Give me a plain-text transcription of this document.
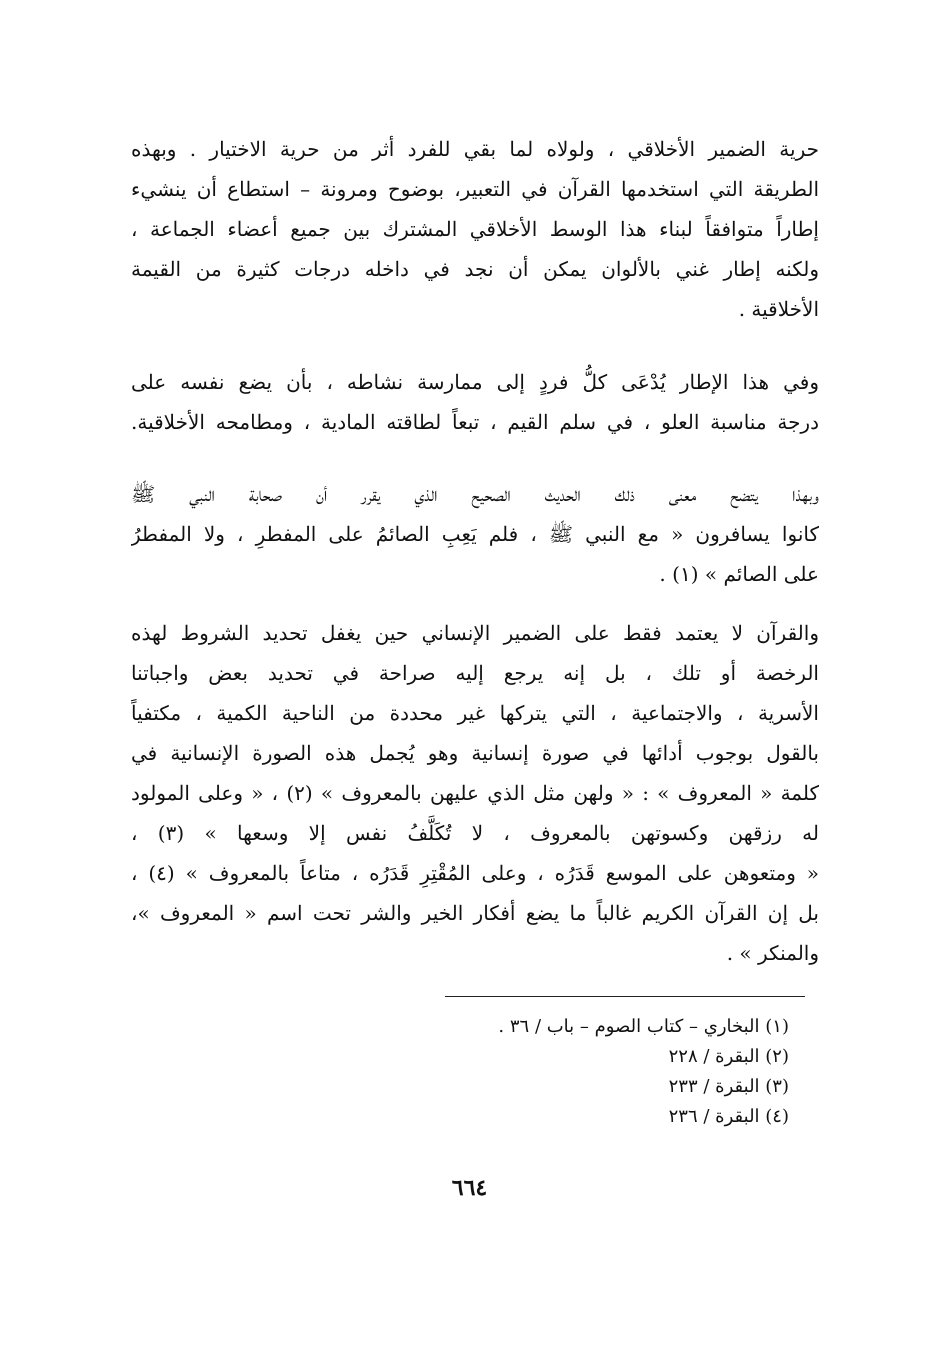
حرية الضمير الأخلاقي ، ولولاه لما بقي للفرد أثر من حرية الاختيار . وبهذه
الطريقة التي استخدمها القرآن في التعبير، بوضوح ومرونة – استطاع أن ينشيء
إطاراً متوافقاً لبناء هذا الوسط الأخلاقي المشترك بين جميع أعضاء الجماعة ،
ولكنه إطار غني بالألوان يمكن أن نجد في داخله درجات كثيرة من القيمة
الأخلاقية .
وفي هذا الإطار يُدْعَى كلُّ فردٍ إلى ممارسة نشاطه ، بأن يضع نفسه على
درجة مناسبة العلو ، في سلم القيم ، تبعاً لطاقته المادية ، ومطامحه الأخلاقية.
وبهذا يتضح معنى ذلك الحديث الصحيح الذي يقرر أن صحابة النبي ﷺ
كانوا يسافرون « مع النبي ﷺ ، فلم يَعِبِ الصائمُ على المفطرِ ، ولا المفطرُ
على الصائم » (١) .
والقرآن لا يعتمد فقط على الضمير الإنساني حين يغفل تحديد الشروط لهذه
الرخصة أو تلك ، بل إنه يرجع إليه صراحة في تحديد بعض واجباتنا
الأسرية ، والاجتماعية ، التي يتركها غير محددة من الناحية الكمية ، مكتفياً
بالقول بوجوب أدائها في صورة إنسانية وهو يُجمل هذه الصورة الإنسانية في
كلمة « المعروف » : « ولهن مثل الذي عليهن بالمعروف » (٢) ، « وعلى المولود
له رزقهن وكسوتهن بالمعروف ، لا تُكَلَّفُ نفس إلا وسعها » (٣) ،
« ومتعوهن على الموسع قَدَرُه ، وعلى المُقْتِرِ قَدَرُه ، متاعاً بالمعروف » (٤) ،
بل إن القرآن الكريم غالباً ما يضع أفكار الخير والشر تحت اسم « المعروف »،
والمنكر » .
(١) البخاري – كتاب الصوم – باب / ٣٦ .
(٢) البقرة / ٢٢٨
(٣) البقرة / ٢٣٣
(٤) البقرة / ٢٣٦
٦٦٤
